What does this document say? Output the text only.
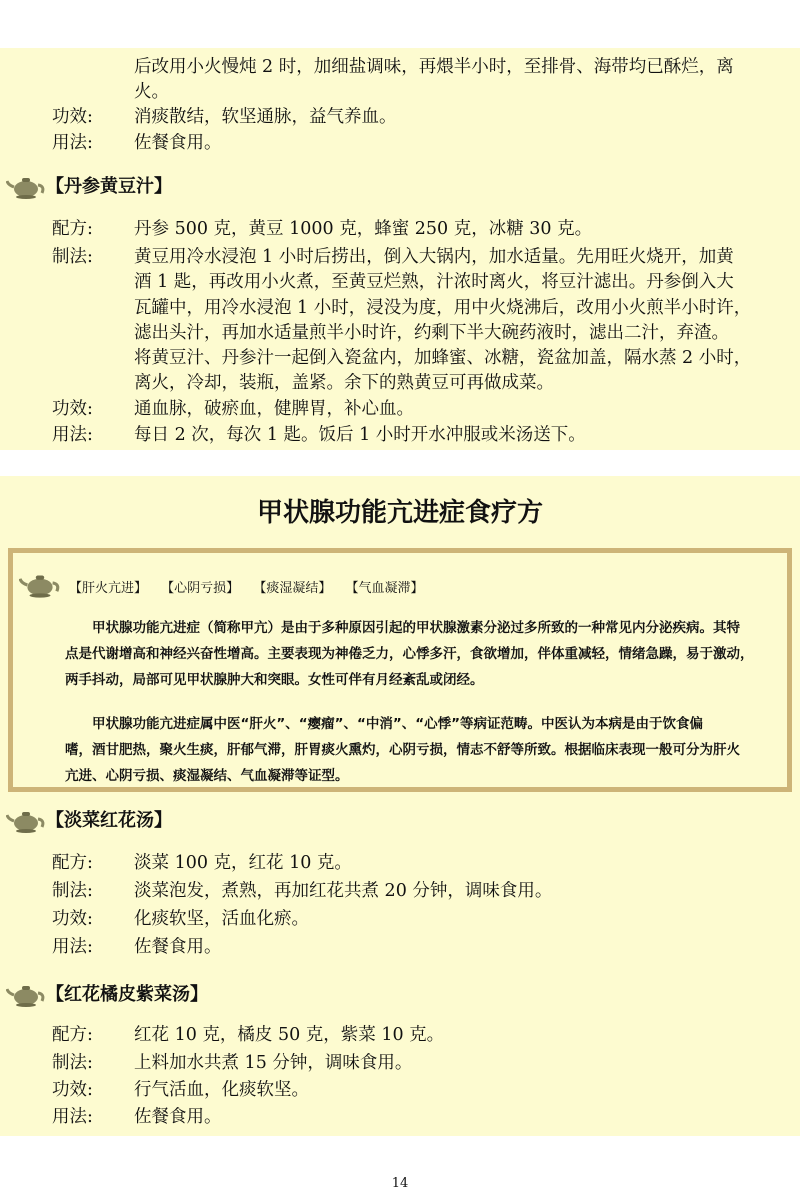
后改用小火慢炖 2 时，加细盐调味，再煨半小时，至排骨、海带均已酥烂，离
火。
功效: 消痰散结，软坚通脉，益气养血。
用法: 佐餐食用。
【丹参黄豆汁】
配方: 丹参 500 克，黄豆 1000 克，蜂蜜 250 克，冰糖 30 克。
制法: 黄豆用冷水浸泡 1 小时后捞出，倒入大锅内，加水适量。先用旺火烧开，加黄
酒 1 匙，再改用小火煮，至黄豆烂熟，汁浓时离火，将豆汁滤出。丹参倒入大
瓦罐中，用冷水浸泡 1 小时，浸没为度，用中火烧沸后，改用小火煎半小时许，
滤出头汁，再加水适量煎半小时许，约剩下半大碗药液时，滤出二汁，弃渣。
将黄豆汁、丹参汁一起倒入瓷盆内，加蜂蜜、冰糖，瓷盆加盖，隔水蒸 2 小时，
离火，冷却，装瓶，盖紧。余下的熟黄豆可再做成菜。
功效: 通血脉，破瘀血，健脾胃，补心血。
用法: 每日 2 次，每次 1 匙。饭后 1 小时开水冲服或米汤送下。
甲状腺功能亢进症食疗方
【肝火亢进】 【心阴亏损】 【痰湿凝结】 【气血凝滞】
　　甲状腺功能亢进症（简称甲亢）是由于多种原因引起的甲状腺激素分泌过多所致的一种常见内分泌疾病。其特
点是代谢增高和神经兴奋性增高。主要表现为神倦乏力，心悸多汗，食欲增加，伴体重减轻，情绪急躁，易于激动，
两手抖动，局部可见甲状腺肿大和突眼。女性可伴有月经紊乱或闭经。
　　甲状腺功能亢进症属中医“肝火”、“瘿瘤”、“中消”、“心悸”等病证范畴。中医认为本病是由于饮食偏
嗜，酒甘肥热，聚火生痰，肝郁气滞，肝胃痰火熏灼，心阴亏损，情志不舒等所致。根据临床表现一般可分为肝火
亢进、心阴亏损、痰湿凝结、气血凝滞等证型。
【淡菜红花汤】
配方: 淡菜 100 克，红花 10 克。
制法: 淡菜泡发，煮熟，再加红花共煮 20 分钟，调味食用。
功效: 化痰软坚，活血化瘀。
用法: 佐餐食用。
【红花橘皮紫菜汤】
配方: 红花 10 克，橘皮 50 克，紫菜 10 克。
制法: 上料加水共煮 15 分钟，调味食用。
功效: 行气活血，化痰软坚。
用法: 佐餐食用。
14
